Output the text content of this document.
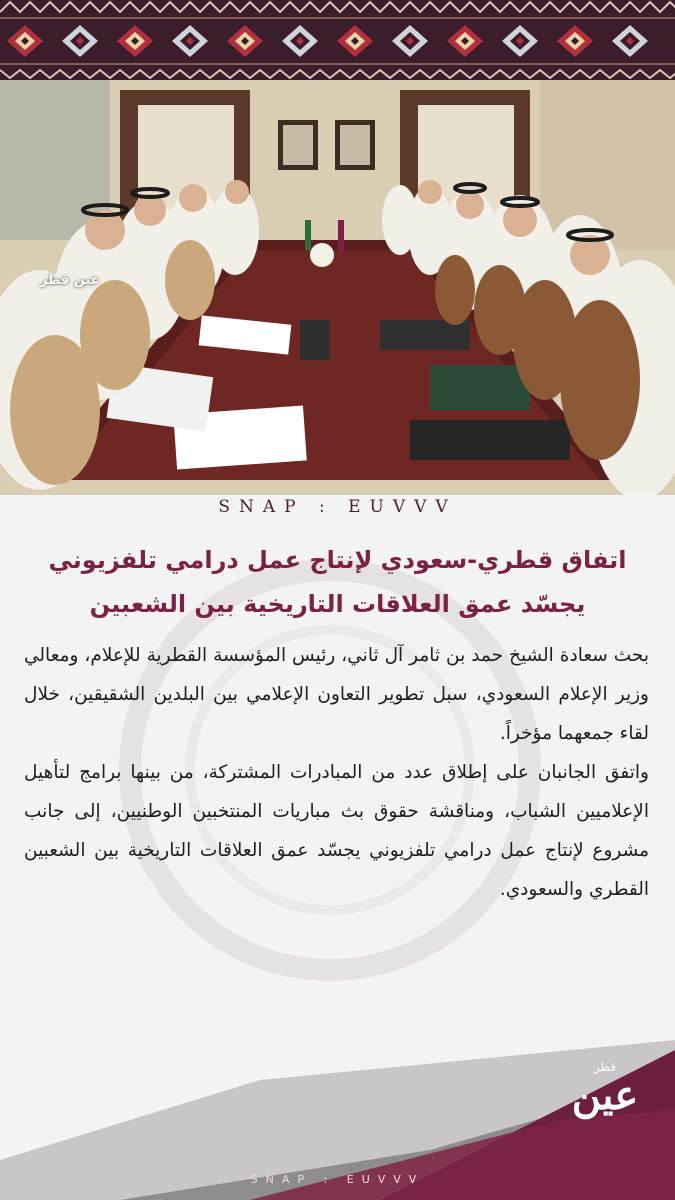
عين قطر
SNAP : EUVVV
اتفاق قطري-سعودي لإنتاج عمل درامي تلفزيوني
يجسّد عمق العلاقات التاريخية بين الشعبين

بحث سعادة الشيخ حمد بن ثامر آل ثاني، رئيس المؤسسة القطرية للإعلام، ومعالي وزير الإعلام السعودي، سبل تطوير التعاون الإعلامي بين البلدين الشقيقين، خلال لقاء جمعهما مؤخراً.

واتفق الجانبان على إطلاق عدد من المبادرات المشتركة، من بينها برامج لتأهيل الإعلاميين الشباب، ومناقشة حقوق بث مباريات المنتخبين الوطنيين، إلى جانب مشروع لإنتاج عمل درامي تلفزيوني يجسّد عمق العلاقات التاريخية بين الشعبين القطري والسعودي.

قطر
عين
SNAP : EUVVV
